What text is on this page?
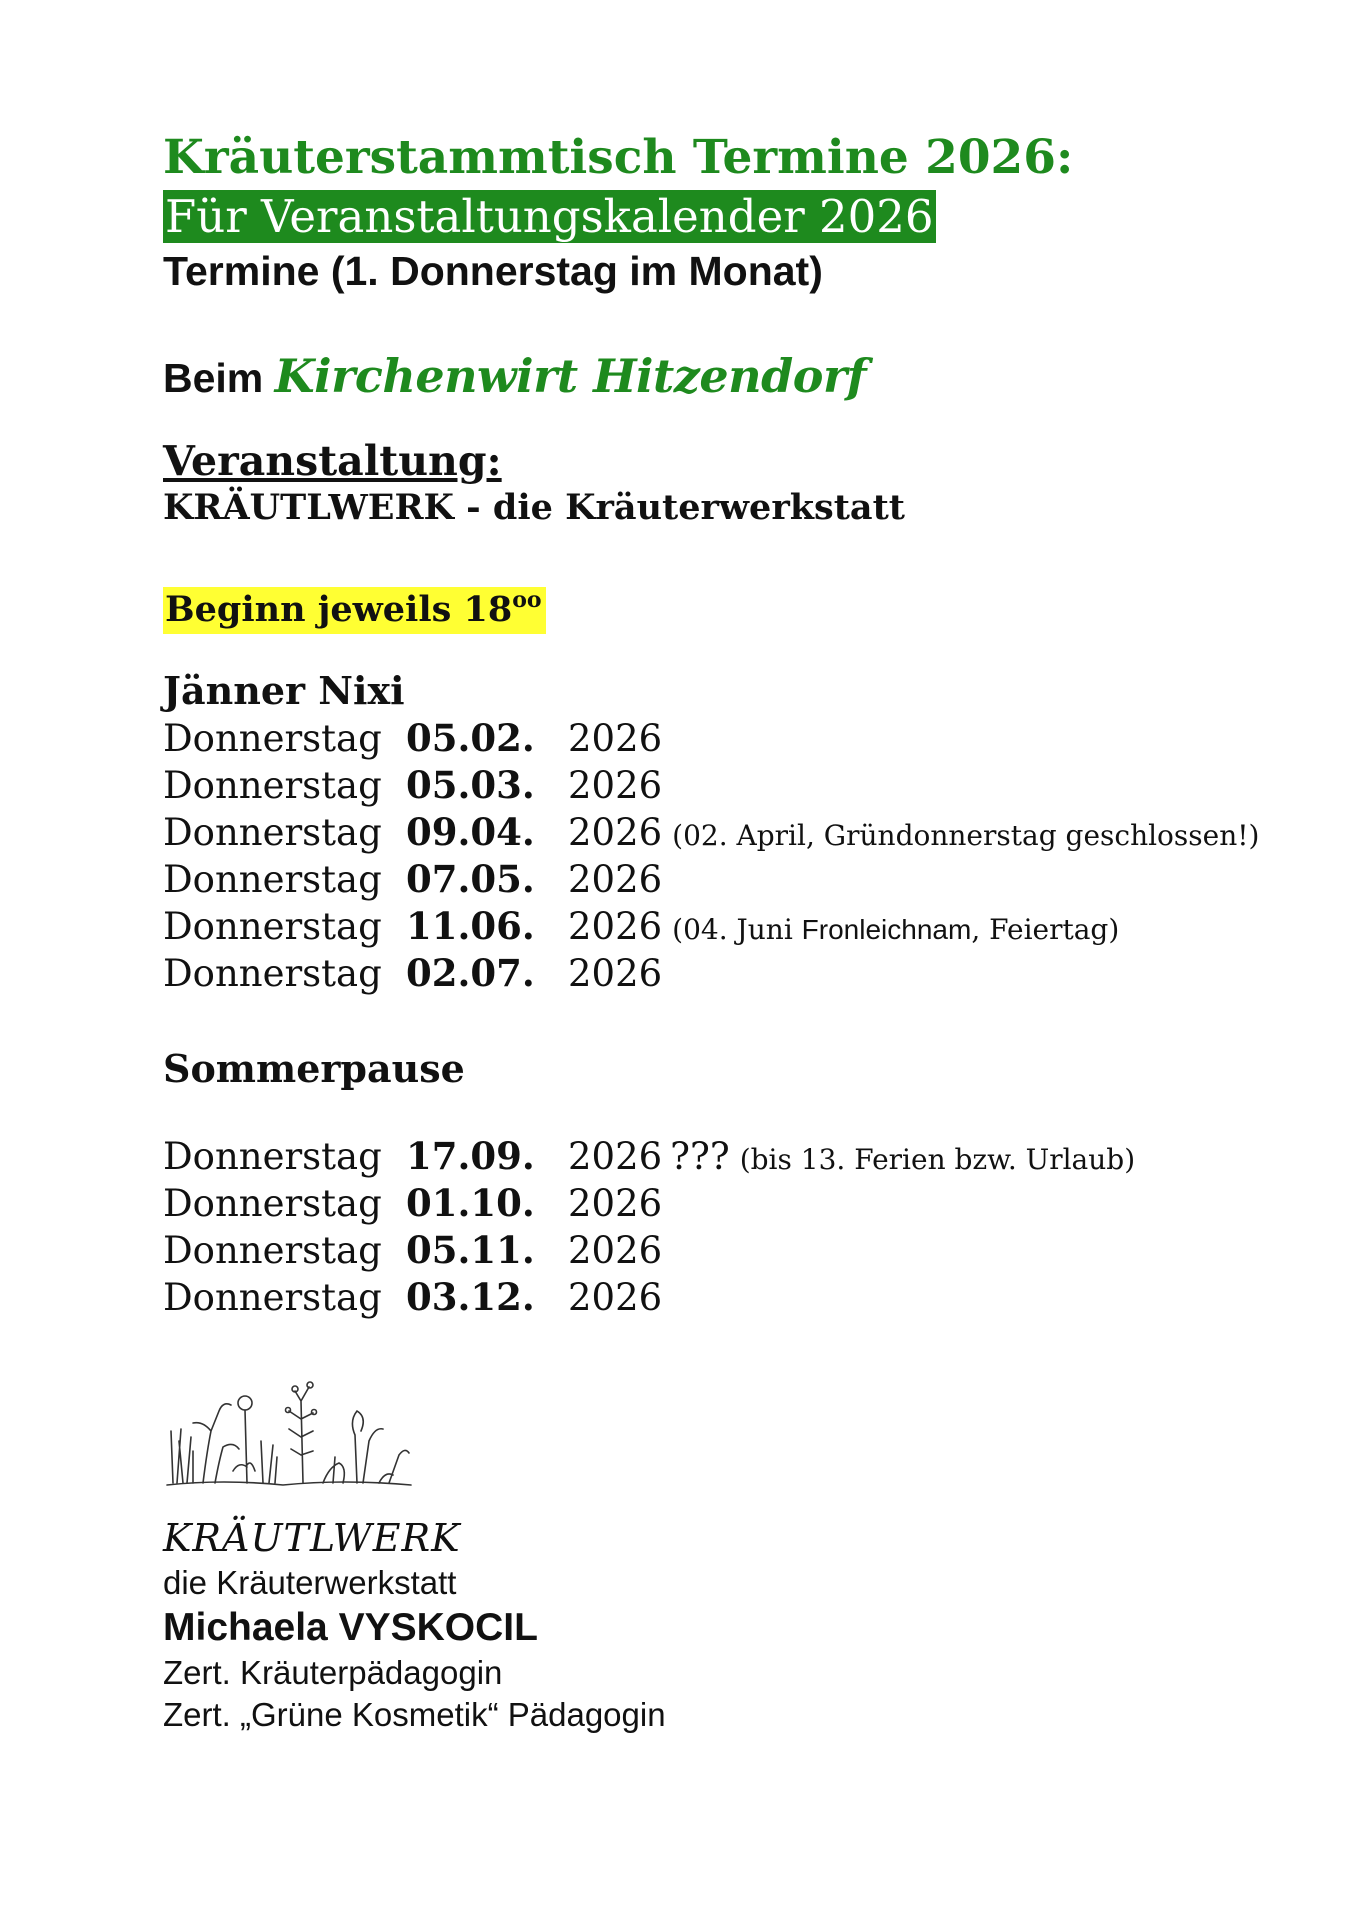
Kräuterstammtisch Termine 2026:
Für Veranstaltungskalender 2026
Termine (1. Donnerstag im Monat)
Beim Kirchenwirt Hitzendorf
Veranstaltung:
KRÄUTLWERK - die Kräuterwerkstatt
Beginn jeweils $18^{oo}$
Jänner Nixi
Donnerstag 05.02. 2026
Donnerstag 05.03. 2026
Donnerstag 09.04. 2026 (02. April, Gründonnerstag geschlossen!)
Donnerstag 07.05. 2026
Donnerstag 11.06. 2026 (04. Juni Fronleichnam, Feiertag)
Donnerstag 02.07. 2026
Sommerpause
Donnerstag 17.09. 2026 ??? (bis 13. Ferien bzw. Urlaub)
Donnerstag 01.10. 2026
Donnerstag 05.11. 2026
Donnerstag 03.12. 2026
KRÄUTLWERK
die Kräuterwerkstatt
Michaela VYSKOCIL
Zert. Kräuterpädagogin
Zert. „Grüne Kosmetik“ Pädagogin
